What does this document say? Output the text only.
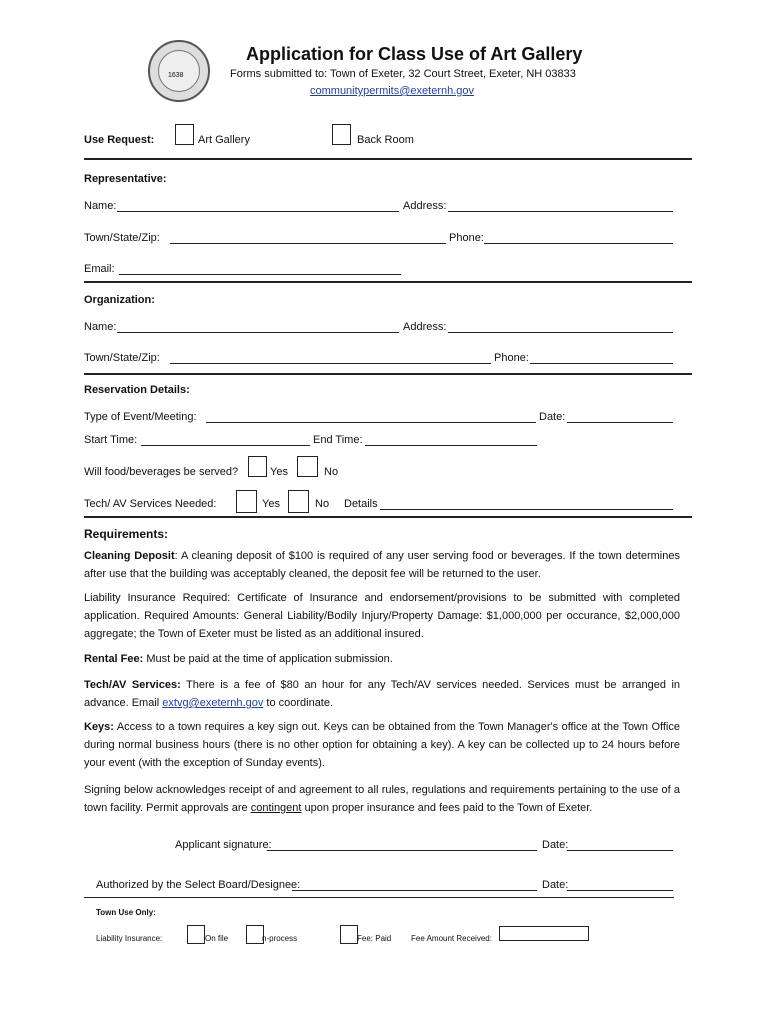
1638
Application for Class Use of Art Gallery
Forms submitted to: Town of Exeter, 32 Court Street, Exeter, NH 03833
communitypermits@exeternh.gov
Use Request:	Art Gallery	Back Room
Representative:
Name:	Address:
Town/State/Zip:	Phone:
Email:
Organization:
Name:	Address:
Town/State/Zip:	Phone:
Reservation Details:
Type of Event/Meeting:	Date:
Start Time:	End Time:
Will food/beverages be served?	Yes	No
Tech/ AV Services Needed:	Yes	No Details
Requirements:
Cleaning Deposit: A cleaning deposit of $100 is required of any user serving food or beverages. If the town determines after use that the building was acceptably cleaned, the deposit fee will be returned to the user.
Liability Insurance Required: Certificate of Insurance and endorsement/provisions to be submitted with completed application. Required Amounts: General Liability/Bodily Injury/Property Damage: $1,000,000 per occurance, $2,000,000 aggregate; the Town of Exeter must be listed as an additional insured.
Rental Fee: Must be paid at the time of application submission.
Tech/AV Services: There is a fee of $80 an hour for any Tech/AV services needed. Services must be arranged in advance. Email extvg@exeternh.gov to coordinate.
Keys: Access to a town requires a key sign out. Keys can be obtained from the Town Manager's office at the Town Office during normal business hours (there is no other option for obtaining a key). A key can be collected up to 24 hours before your event (with the exception of Sunday events).
Signing below acknowledges receipt of and agreement to all rules, regulations and requirements pertaining to the use of a town facility. Permit approvals are contingent upon proper insurance and fees paid to the Town of Exeter.
Applicant signature:	Date:
Authorized by the Select Board/Designee:	Date:
Town Use Only:
Liability Insurance:	On file	n-process	Fee: Paid Fee Amount Received:
